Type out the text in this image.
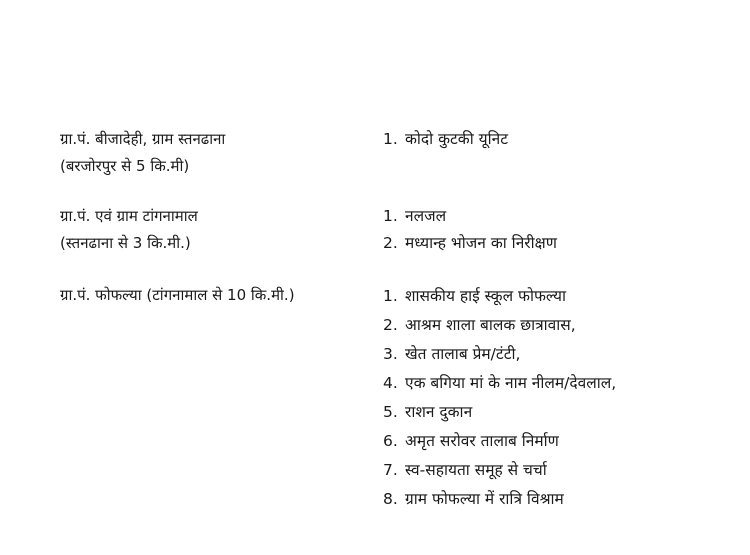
ग्रा.पं. बीजादेही, ग्राम स्तनढाना
(बरजोरपुर से 5 कि.मी)
1. कोदो कुटकी यूनिट
ग्रा.पं. एवं ग्राम टांगनामाल
(स्तनढाना से 3 कि.मी.)
1. नलजल
2. मध्यान्ह भोजन का निरीक्षण
ग्रा.पं. फोफल्या (टांगनामाल से 10 कि.मी.)	1. शासकीय हाई स्कूल फोफल्या
2. आश्रम शाला बालक छात्रावास,
3. खेत तालाब प्रेम/टंटी,
4. एक बगिया मां के नाम नीलम/देवलाल,
5. राशन दुकान
6. अमृत सरोवर तालाब निर्माण
7. स्व-सहायता समूह से चर्चा
8. ग्राम फोफल्या में रात्रि विश्राम
